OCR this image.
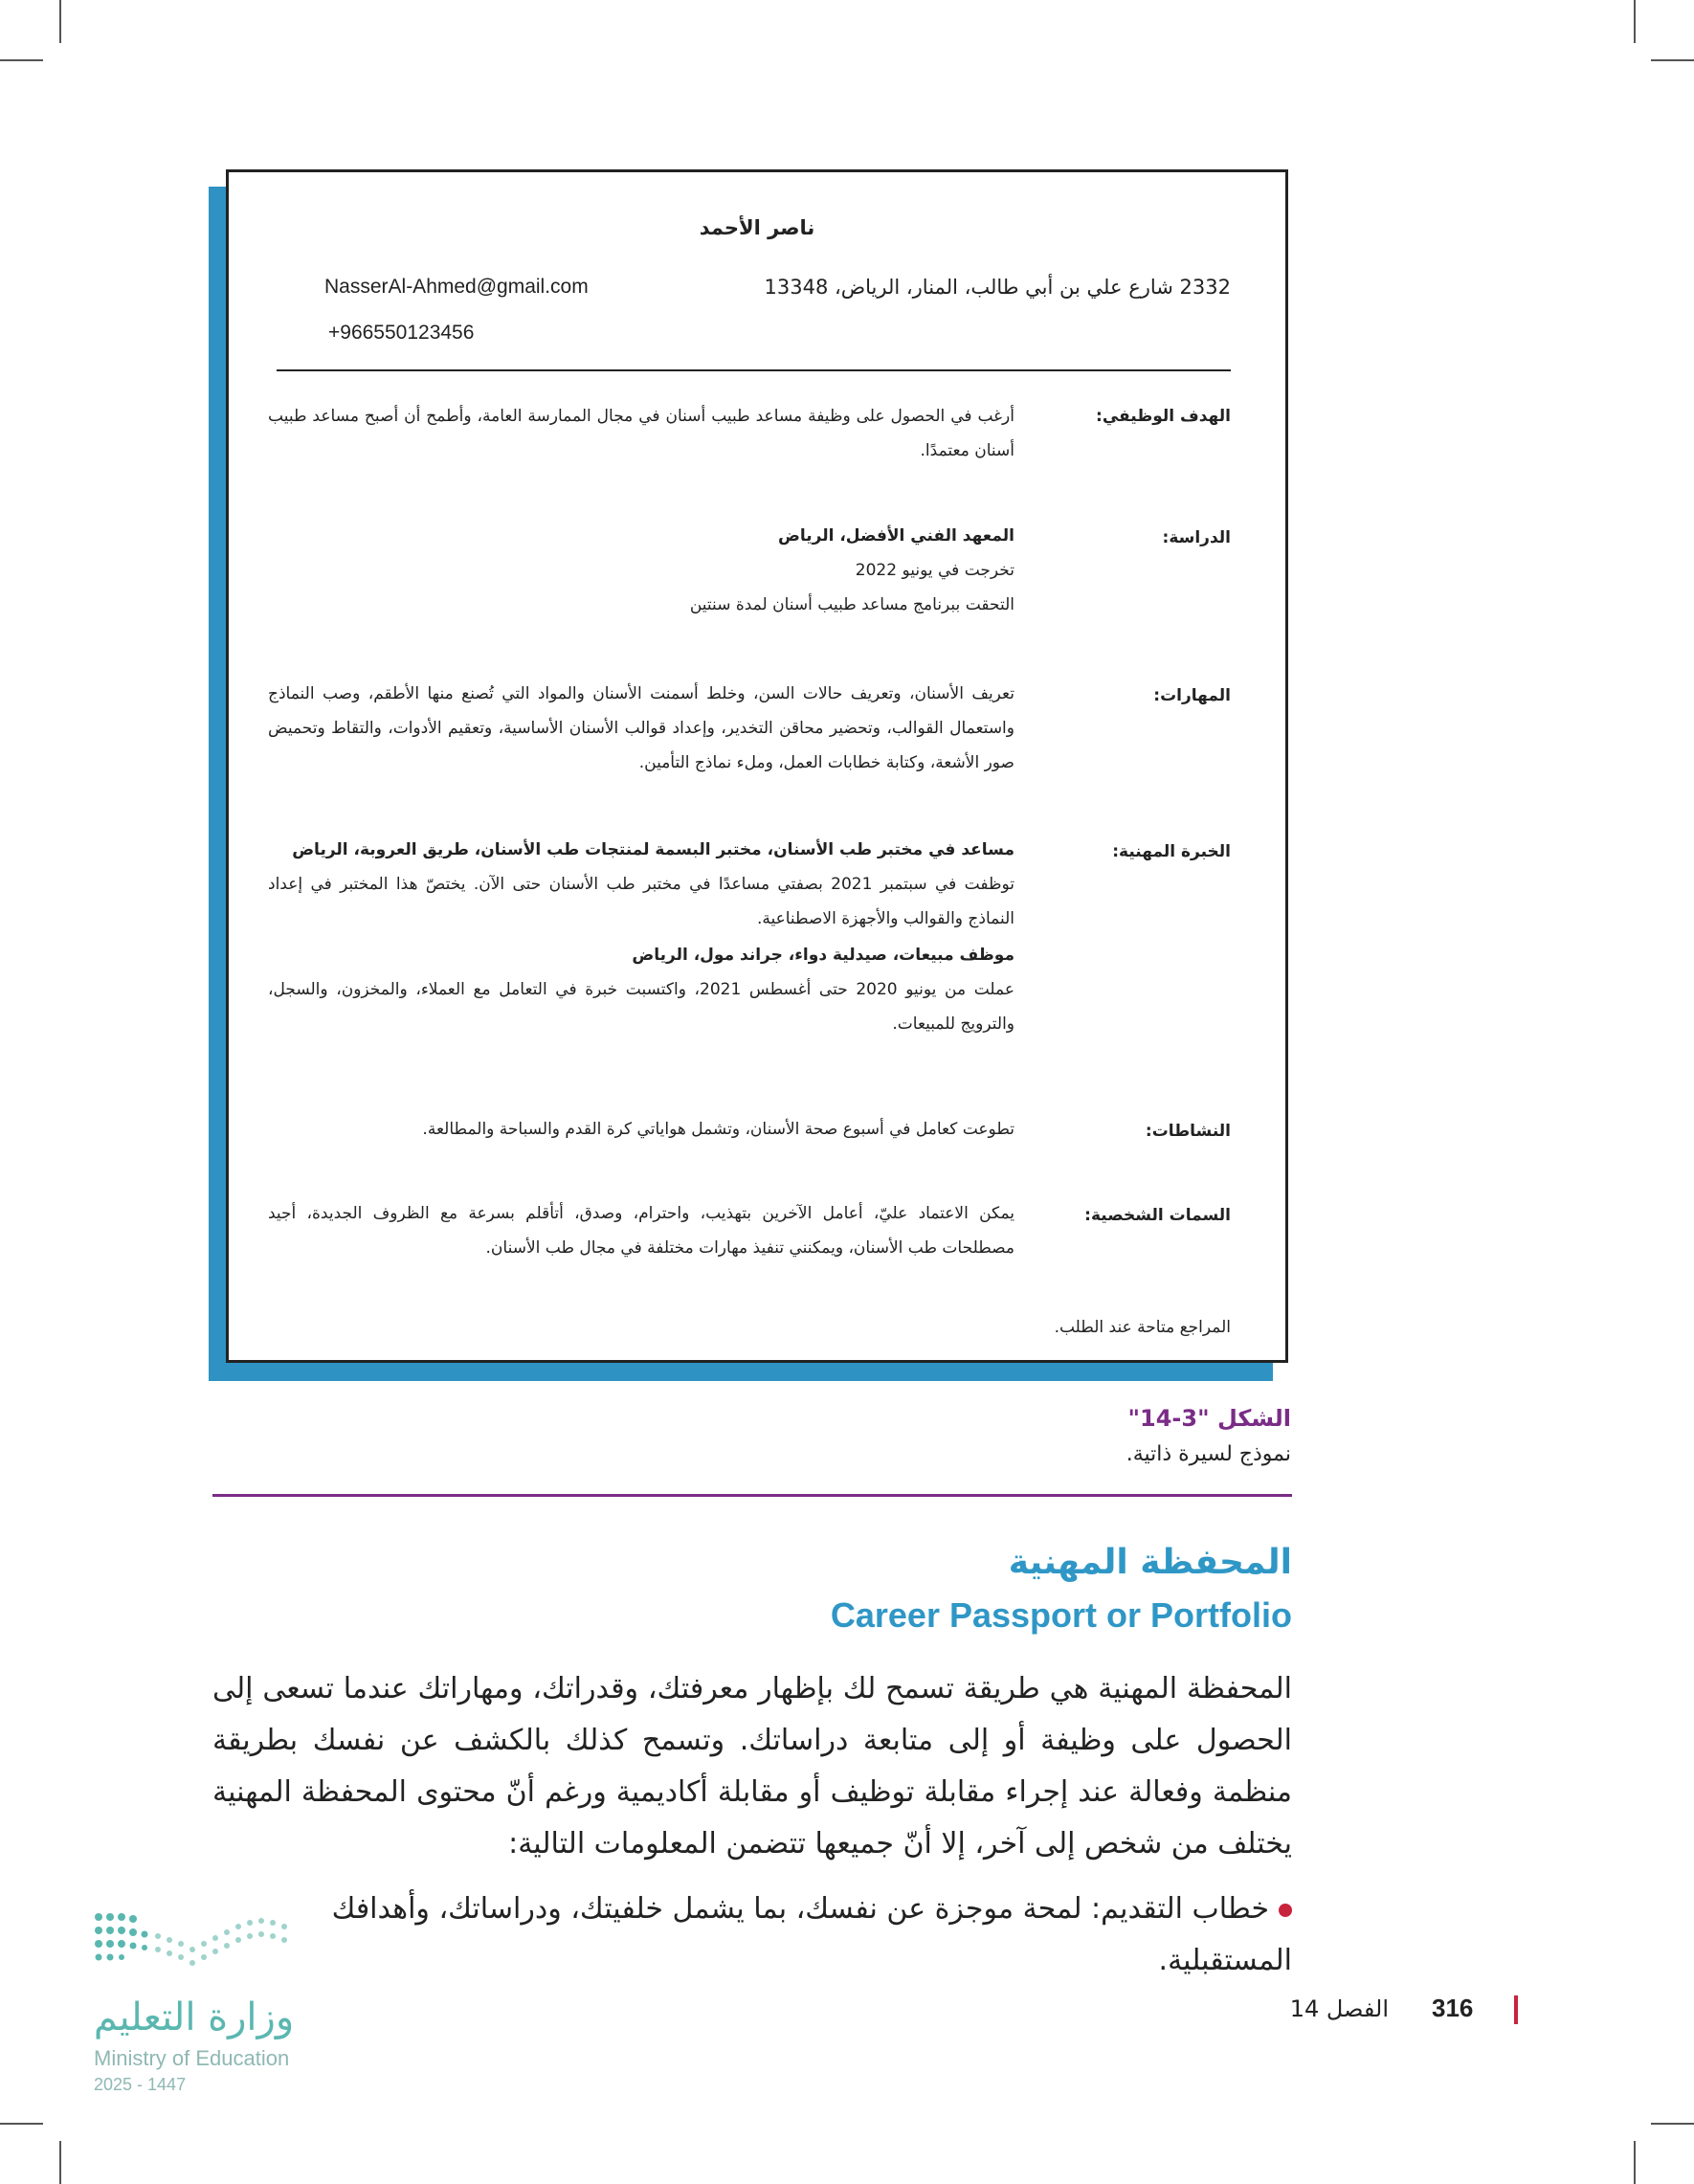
ناصر الأحمد
NasserAl-Ahmed@gmail.com
+966550123456
2332 شارع علي بن أبي طالب، المنار، الرياض، 13348
الهدف الوظيفي:
أرغب في الحصول على وظيفة مساعد طبيب أسنان في مجال الممارسة العامة، وأطمح أن أصبح مساعد طبيب أسنان معتمدًا.
الدراسة:
المعهد الفني الأفضل، الرياض
تخرجت في يونيو 2022
التحقت ببرنامج مساعد طبيب أسنان لمدة سنتين
المهارات:
تعريف الأسنان، وتعريف حالات السن، وخلط أسمنت الأسنان والمواد التي تُصنع منها الأطقم، وصب النماذج واستعمال القوالب، وتحضير محاقن التخدير، وإعداد قوالب الأسنان الأساسية، وتعقيم الأدوات، والتقاط وتحميض صور الأشعة، وكتابة خطابات العمل، وملء نماذج التأمين.
الخبرة المهنية:
مساعد في مختبر طب الأسنان، مختبر البسمة لمنتجات طب الأسنان، طريق العروبة، الرياض
توظفت في سبتمبر 2021 بصفتي مساعدًا في مختبر طب الأسنان حتى الآن. يختصّ هذا المختبر في إعداد النماذج والقوالب والأجهزة الاصطناعية.
موظف مبيعات، صيدلية دواء، جراند مول، الرياض
عملت من يونيو 2020 حتى أغسطس 2021، واكتسبت خبرة في التعامل مع العملاء، والمخزون، والسجل، والترويج للمبيعات.
النشاطات:
تطوعت كعامل في أسبوع صحة الأسنان، وتشمل هواياتي كرة القدم والسباحة والمطالعة.
السمات الشخصية:
يمكن الاعتماد عليّ، أعامل الآخرين بتهذيب، واحترام، وصدق، أتأقلم بسرعة مع الظروف الجديدة، أجيد مصطلحات طب الأسنان، ويمكنني تنفيذ مهارات مختلفة في مجال طب الأسنان.
المراجع متاحة عند الطلب.
الشكل "3-14"
نموذج لسيرة ذاتية.
المحفظة المهنية
Career Passport or Portfolio
المحفظة المهنية هي طريقة تسمح لك بإظهار معرفتك، وقدراتك، ومهاراتك عندما تسعى إلى الحصول على وظيفة أو إلى متابعة دراساتك. وتسمح كذلك بالكشف عن نفسك بطريقة منظمة وفعالة عند إجراء مقابلة توظيف أو مقابلة أكاديمية ورغم أنّ محتوى المحفظة المهنية يختلف من شخص إلى آخر، إلا أنّ جميعها تتضمن المعلومات التالية:
خطاب التقديم: لمحة موجزة عن نفسك، بما يشمل خلفيتك، ودراساتك، وأهدافك المستقبلية.
316
الفصل 14
وزارة التعليم
Ministry of Education
2025 - 1447
